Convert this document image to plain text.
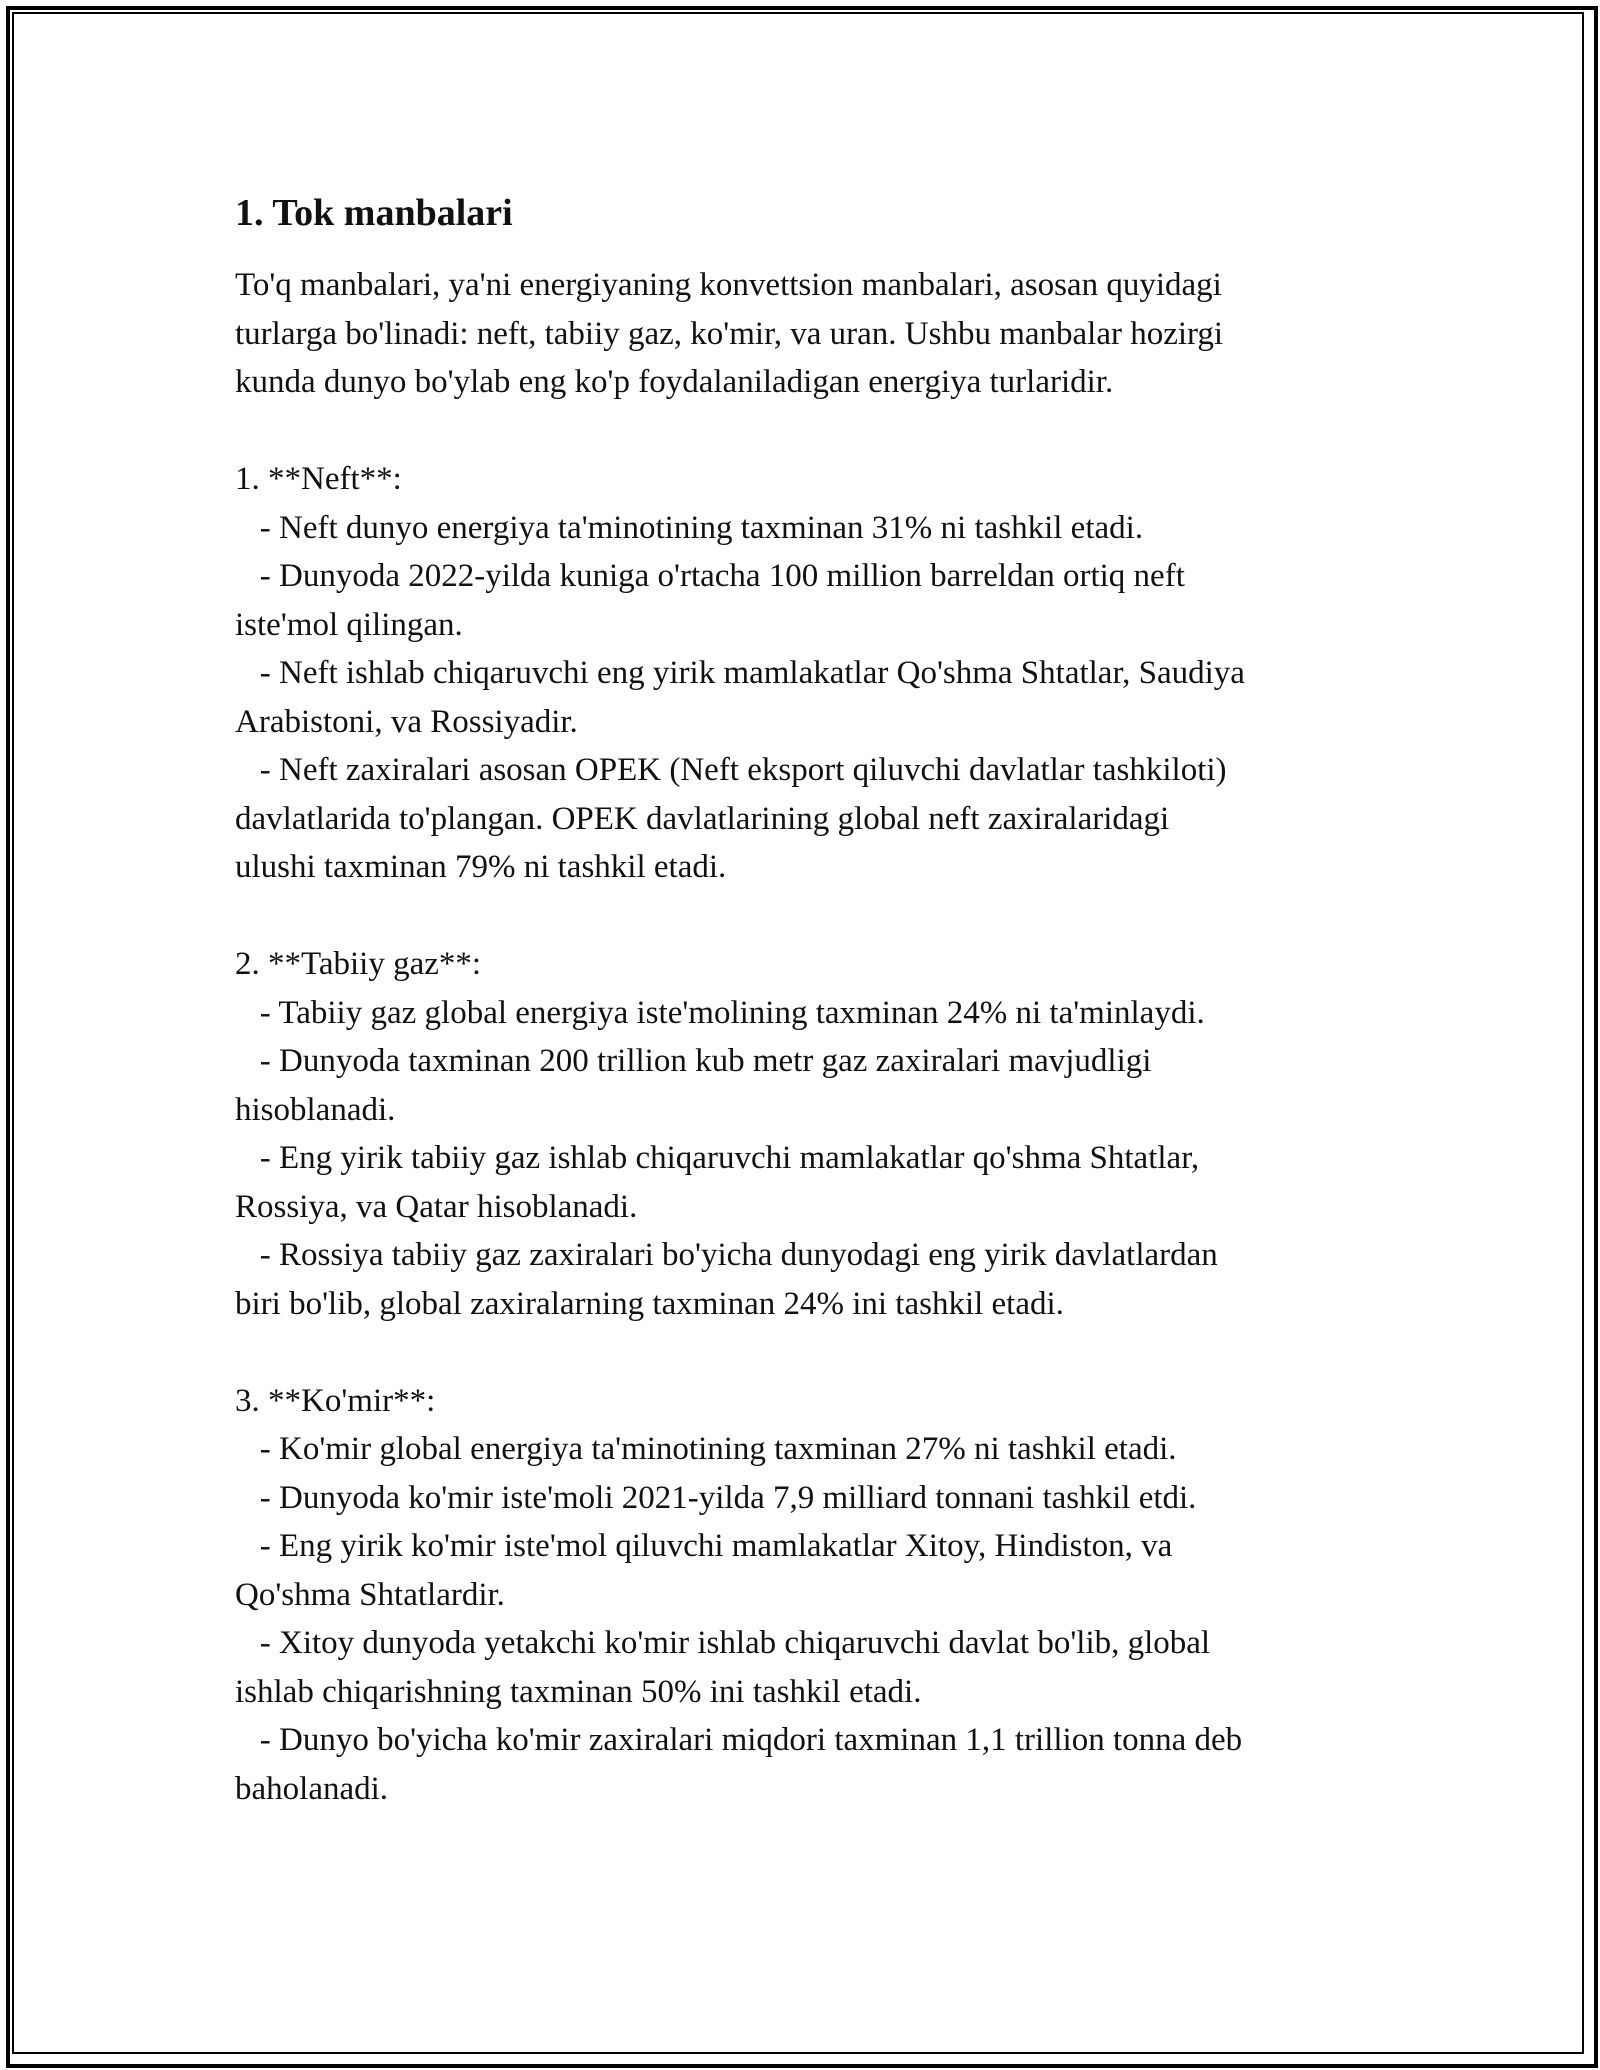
1. Tok manbalari

To'q manbalari, ya'ni energiyaning konvettsion manbalari, asosan quyidagi
turlarga bo'linadi: neft, tabiiy gaz, ko'mir, va uran. Ushbu manbalar hozirgi
kunda dunyo bo'ylab eng ko'p foydalaniladigan energiya turlaridir.

1. **Neft**:

- Neft dunyo energiya ta'minotining taxminan 31% ni tashkil etadi.

- Dunyoda 2022-yilda kuniga o'rtacha 100 million barreldan ortiq neft
iste'mol qilingan.

- Neft ishlab chiqaruvchi eng yirik mamlakatlar Qo'shma Shtatlar, Saudiya
Arabistoni, va Rossiyadir.

- Neft zaxiralari asosan OPEK (Neft eksport qiluvchi davlatlar tashkiloti)
davlatlarida to'plangan. OPEK davlatlarining global neft zaxiralaridagi
ulushi taxminan 79% ni tashkil etadi.

2. **Tabiiy gaz**:

- Tabiiy gaz global energiya iste'molining taxminan 24% ni ta'minlaydi.

- Dunyoda taxminan 200 trillion kub metr gaz zaxiralari mavjudligi
hisoblanadi.

- Eng yirik tabiiy gaz ishlab chiqaruvchi mamlakatlar qo'shma Shtatlar,
Rossiya, va Qatar hisoblanadi.

- Rossiya tabiiy gaz zaxiralari bo'yicha dunyodagi eng yirik davlatlardan
biri bo'lib, global zaxiralarning taxminan 24% ini tashkil etadi.

3. **Ko'mir**:

- Ko'mir global energiya ta'minotining taxminan 27% ni tashkil etadi.

- Dunyoda ko'mir iste'moli 2021-yilda 7,9 milliard tonnani tashkil etdi.

- Eng yirik ko'mir iste'mol qiluvchi mamlakatlar Xitoy, Hindiston, va
Qo'shma Shtatlardir.

- Xitoy dunyoda yetakchi ko'mir ishlab chiqaruvchi davlat bo'lib, global
ishlab chiqarishning taxminan 50% ini tashkil etadi.

- Dunyo bo'yicha ko'mir zaxiralari miqdori taxminan 1,1 trillion tonna deb
baholanadi.
